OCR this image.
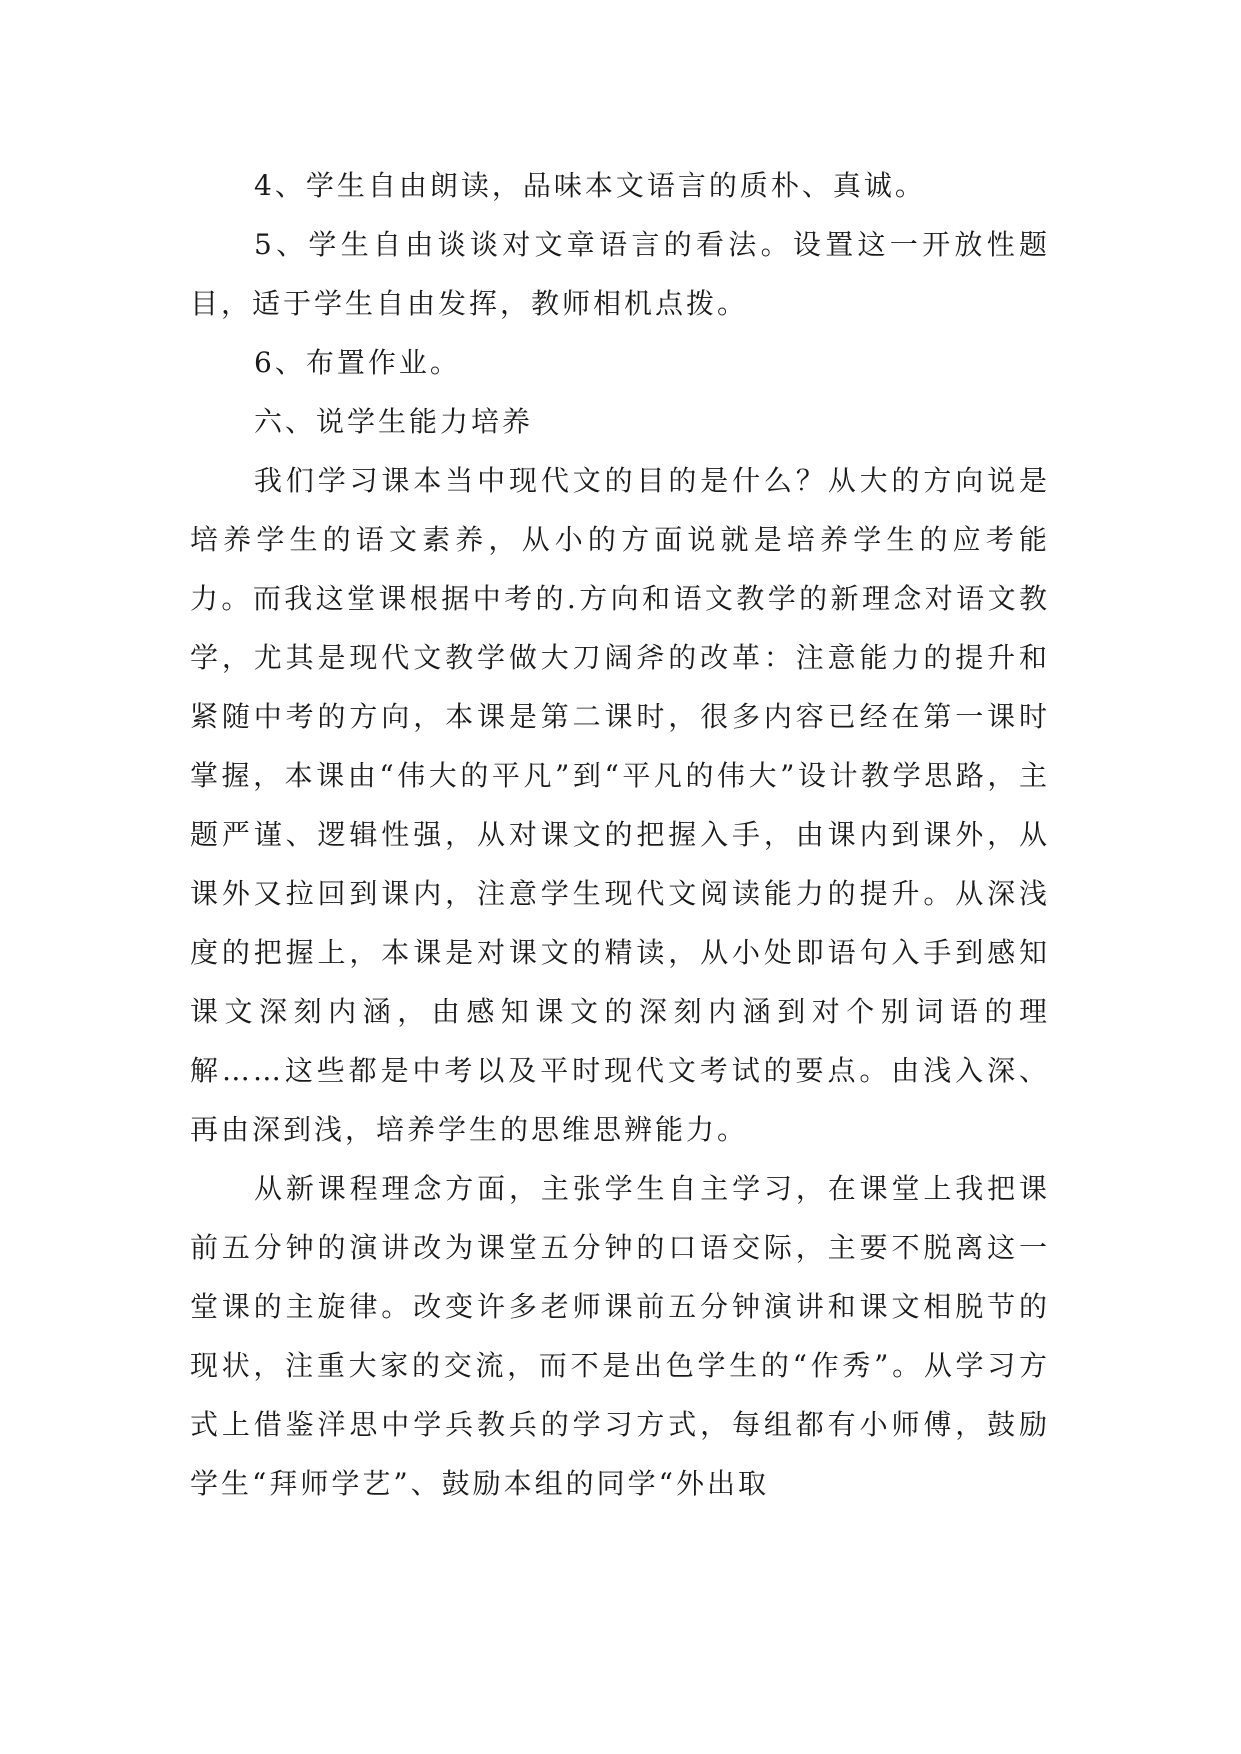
4、学生自由朗读，品味本文语言的质朴、真诚。

5、学生自由谈谈对文章语言的看法。设置这一开放性题目，适于学生自由发挥，教师相机点拨。

6、布置作业。

六、说学生能力培养

我们学习课本当中现代文的目的是什么？从大的方向说是培养学生的语文素养，从小的方面说就是培养学生的应考能力。而我这堂课根据中考的.方向和语文教学的新理念对语文教学，尤其是现代文教学做大刀阔斧的改革：注意能力的提升和紧随中考的方向，本课是第二课时，很多内容已经在第一课时掌握，本课由“伟大的平凡”到“平凡的伟大”设计教学思路，主题严谨、逻辑性强，从对课文的把握入手，由课内到课外，从课外又拉回到课内，注意学生现代文阅读能力的提升。从深浅度的把握上，本课是对课文的精读，从小处即语句入手到感知课文深刻内涵，由感知课文的深刻内涵到对个别词语的理解……这些都是中考以及平时现代文考试的要点。由浅入深、再由深到浅，培养学生的思维思辨能力。

从新课程理念方面，主张学生自主学习，在课堂上我把课前五分钟的演讲改为课堂五分钟的口语交际，主要不脱离这一堂课的主旋律。改变许多老师课前五分钟演讲和课文相脱节的现状，注重大家的交流，而不是出色学生的“作秀”。从学习方式上借鉴洋思中学兵教兵的学习方式，每组都有小师傅，鼓励学生“拜师学艺”、鼓励本组的同学“外出取
